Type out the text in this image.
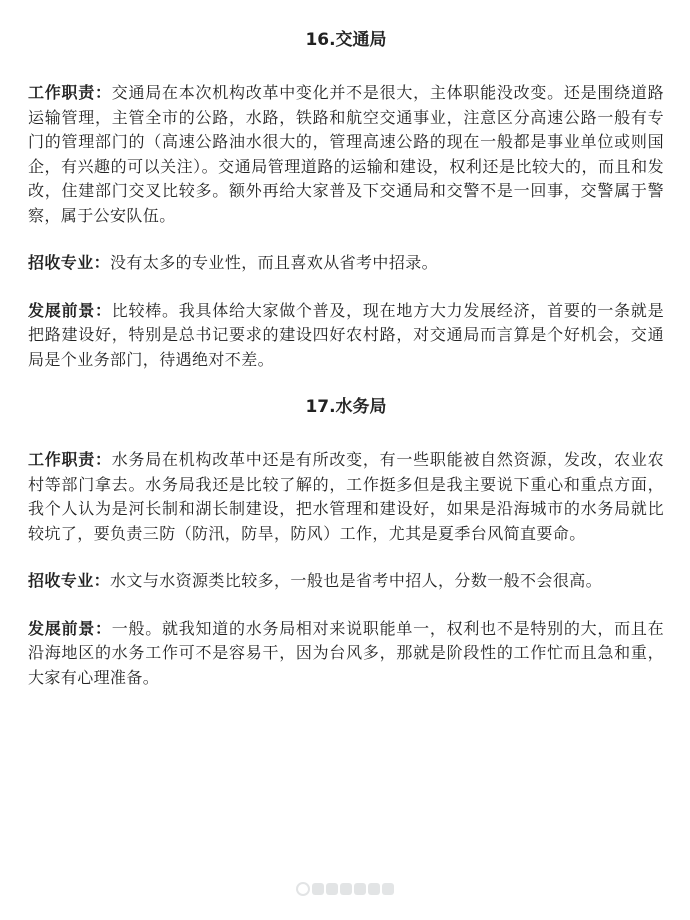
16.交通局

工作职责：交通局在本次机构改革中变化并不是很大，主体职能没改变。还是围绕道路运输管理，主管全市的公路，水路，铁路和航空交通事业，注意区分高速公路一般有专门的管理部门的（高速公路油水很大的，管理高速公路的现在一般都是事业单位或则国企，有兴趣的可以关注）。交通局管理道路的运输和建设，权利还是比较大的，而且和发改，住建部门交叉比较多。额外再给大家普及下交通局和交警不是一回事，交警属于警察，属于公安队伍。

招收专业：没有太多的专业性，而且喜欢从省考中招录。

发展前景：比较棒。我具体给大家做个普及，现在地方大力发展经济，首要的一条就是把路建设好，特别是总书记要求的建设四好农村路，对交通局而言算是个好机会，交通局是个业务部门，待遇绝对不差。

17.水务局

工作职责：水务局在机构改革中还是有所改变，有一些职能被自然资源，发改，农业农村等部门拿去。水务局我还是比较了解的，工作挺多但是我主要说下重心和重点方面，我个人认为是河长制和湖长制建设，把水管理和建设好，如果是沿海城市的水务局就比较坑了，要负责三防（防汛，防旱，防风）工作，尤其是夏季台风简直要命。

招收专业：水文与水资源类比较多，一般也是省考中招人，分数一般不会很高。

发展前景：一般。就我知道的水务局相对来说职能单一，权利也不是特别的大，而且在沿海地区的水务工作可不是容易干，因为台风多，那就是阶段性的工作忙而且急和重，大家有心理准备。
